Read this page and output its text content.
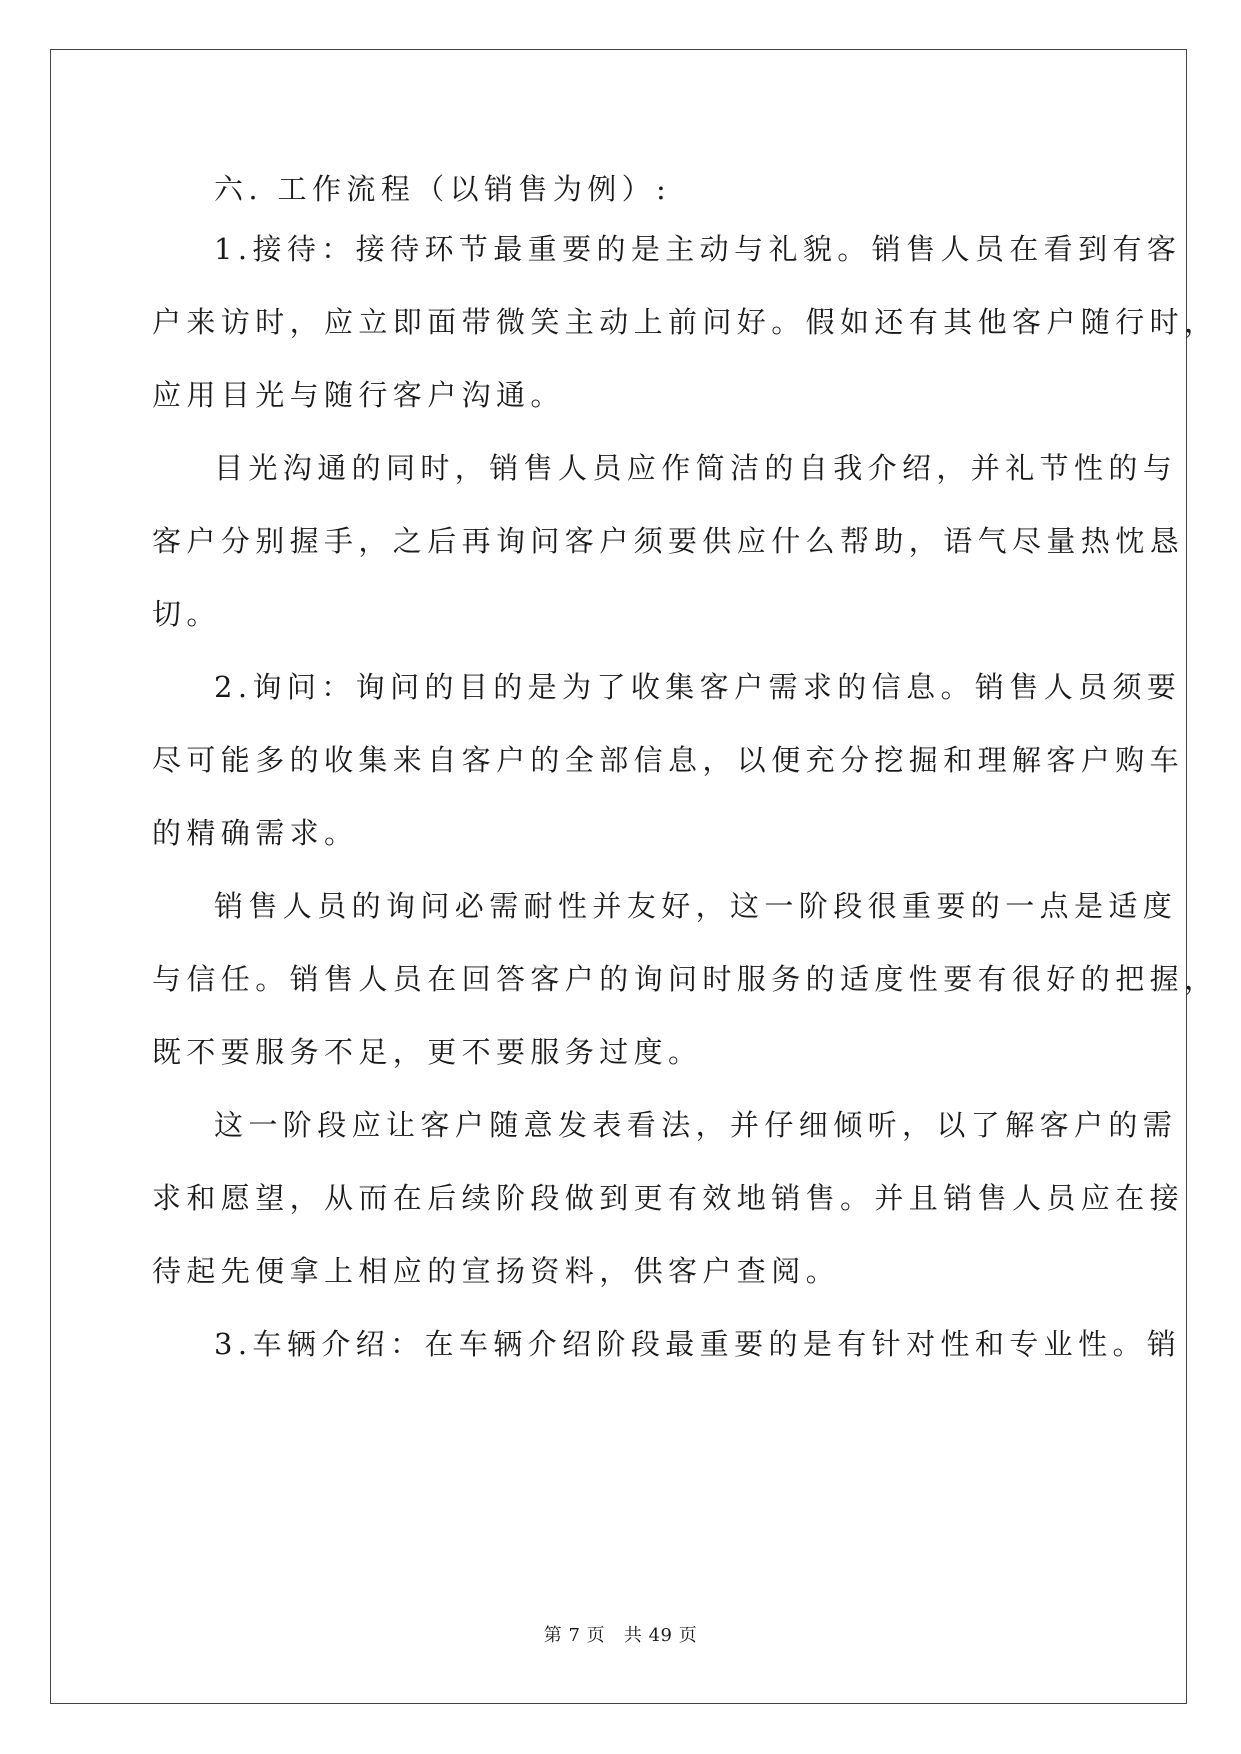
六. 工作流程（以销售为例）:
1.接待：接待环节最重要的是主动与礼貌。销售人员在看到有客
户来访时，应立即面带微笑主动上前问好。假如还有其他客户随行时，
应用目光与随行客户沟通。
目光沟通的同时，销售人员应作简洁的自我介绍，并礼节性的与
客户分别握手，之后再询问客户须要供应什么帮助，语气尽量热忱恳
切。
2.询问：询问的目的是为了收集客户需求的信息。销售人员须要
尽可能多的收集来自客户的全部信息，以便充分挖掘和理解客户购车
的精确需求。
销售人员的询问必需耐性并友好，这一阶段很重要的一点是适度
与信任。销售人员在回答客户的询问时服务的适度性要有很好的把握，
既不要服务不足，更不要服务过度。
这一阶段应让客户随意发表看法，并仔细倾听，以了解客户的需
求和愿望，从而在后续阶段做到更有效地销售。并且销售人员应在接
待起先便拿上相应的宣扬资料，供客户查阅。
3.车辆介绍：在车辆介绍阶段最重要的是有针对性和专业性。销
第 7 页   共 49 页
